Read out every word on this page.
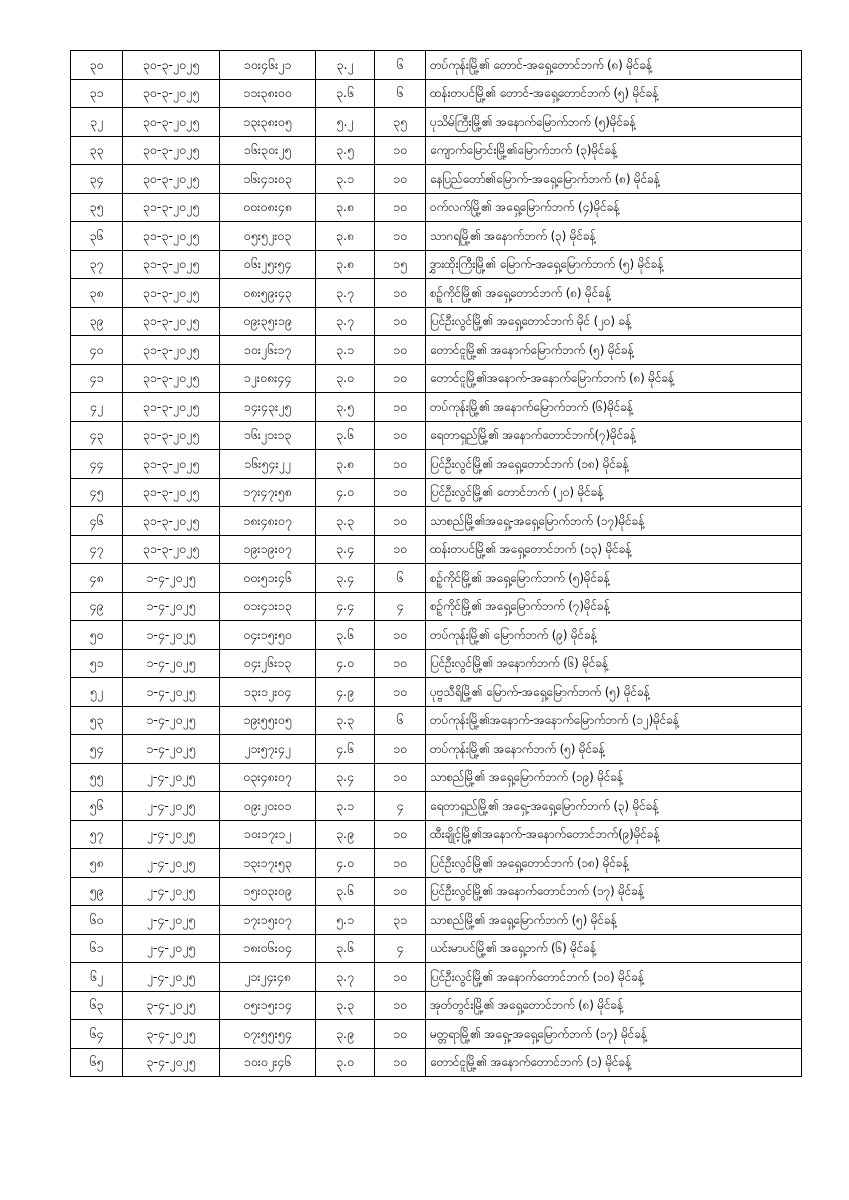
၃၀	၃၀-၃-၂၀၂၅	၁၀း၄၆း၂၁	၃.၂	၆	တပ်ကုန်းမြို့၏ တောင်-အရှေ့တောင်ဘက် (၈) မိုင်ခန့်
၃၁	၃၀-၃-၂၀၂၅	၁၁း၃၈း၀၀	၃.၆	၆	ထန်းတပင်မြို့၏ တောင်-အရှေ့တောင်ဘက် (၅) မိုင်ခန့်
၃၂	၃၀-၃-၂၀၂၅	၁၃း၃၈း၀၅	၅.၂	၃၅	ပုသိမ်ကြီးမြို့၏ အနောက်မြောက်ဘက် (၅)မိုင်ခန့်
၃၃	၃၀-၃-၂၀၂၅	၁၆း၃၀း၂၅	၃.၅	၁၀	ကျောက်မြောင်းမြို့၏မြောက်ဘက် (၃)မိုင်ခန့်
၃၄	၃၀-၃-၂၀၂၅	၁၆း၄၁း၀၃	၃.၁	၁၀	နေပြည်တော်၏မြောက်-အရှေ့မြောက်ဘက် (၈) မိုင်ခန့်
၃၅	၃၁-၃-၂၀၂၅	၀၀း၀၈း၄၈	၃.၈	၁၀	ဝက်လက်မြို့၏ အရှေ့မြောက်ဘက် (၄)မိုင်ခန့်
၃၆	၃၁-၃-၂၀၂၅	၀၅း၅၂း၀၃	၃.၈	၁၀	သာဂရမြို့၏ အနောက်ဘက် (၃) မိုင်ခန့်
၃၇	၃၁-၃-၂၀၂၅	၀၆း၂၅း၅၄	၃.၈	၁၅	ဒွှားထိုးကြီးမြို့၏ မြောက်-အရှေ့မြောက်ဘက် (၅) မိုင်ခန့်
၃၈	၃၁-၃-၂၀၂၅	၀၈း၅၉း၄၃	၃.၇	၁၀	စဥ့်ကိုင်မြို့၏ အရှေ့တောင်ဘက် (၈) မိုင်ခန့်
၃၉	၃၁-၃-၂၀၂၅	၀၉း၃၅း၁၉	၃.၇	၁၀	ပြင်ဦးလွင်မြို့၏ အရှေ့တောင်ဘက် မိုင် (၂၀) ခန့်
၄၀	၃၁-၃-၂၀၂၅	၁၀း၂၆း၁၇	၃.၁	၁၀	တောင်ငူမြို့၏ အနောက်မြောက်ဘက် (၅) မိုင်ခန့်
၄၁	၃၁-၃-၂၀၂၅	၁၂း၀၈း၄၄	၃.၀	၁၀	တောင်ငူမြို့၏အနောက်-အနောက်မြောက်ဘက် (၈) မိုင်ခန့်
၄၂	၃၁-၃-၂၀၂၅	၁၄း၄၃း၂၅	၃.၅	၁၀	တပ်ကုန်းမြို့၏ အနောက်မြောက်ဘက် (၆)မိုင်ခန့်
၄၃	၃၁-၃-၂၀၂၅	၁၆း၂၁း၁၃	၃.၆	၁၀	ရေတာရှည်မြို့၏ အနောက်တောင်ဘက်(၇)မိုင်ခန့်
၄၄	၃၁-၃-၂၀၂၅	၁၆း၅၄း၂၂	၃.၈	၁၀	ပြင်ဦးလွင်မြို့၏ အရှေ့တောင်ဘက် (၁၈) မိုင်ခန့်
၄၅	၃၁-၃-၂၀၂၅	၁၇း၄၇း၅၈	၄.၀	၁၀	ပြင်ဦးလွင်မြို့၏ တောင်ဘက် (၂၀) မိုင်ခန့်
၄၆	၃၁-၃-၂၀၂၅	၁၈း၄၈း၀၇	၃.၃	၁၀	သာစည်မြို့၏အရှေ့-အရှေ့မြောက်ဘက် (၁၇)မိုင်ခန့်
၄၇	၃၁-၃-၂၀၂၅	၁၉း၁၉း၀၇	၃.၄	၁၀	ထန်းတပင်မြို့၏ အရှေ့တောင်ဘက် (၁၃) မိုင်ခန့်
၄၈	၁-၄-၂၀၂၅	၀၀း၅၁း၄၆	၃.၄	၆	စဥ့်ကိုင်မြို့၏ အရှေ့မြောက်ဘက် (၅)မိုင်ခန့်
၄၉	၁-၄-၂၀၂၅	၀၁း၄၁း၁၃	၄.၄	၄	စဥ့်ကိုင်မြို့၏ အရှေ့မြောက်ဘက် (၇)မိုင်ခန့်
၅၀	၁-၄-၂၀၂၅	၀၄း၁၅း၅၀	၃.၆	၁၀	တပ်ကုန်းမြို့၏ မြောက်ဘက် (၉) မိုင်ခန့်
၅၁	၁-၄-၂၀၂၅	၀၄း၂၆း၁၃	၄.၀	၁၀	ပြင်ဦးလွင်မြို့၏ အနောက်ဘက် (၆) မိုင်ခန့်
၅၂	၁-၄-၂၀၂၅	၁၃း၁၂း၀၄	၄.၉	၁၀	ပုဗ္ဗသီရိမြို့၏ မြောက်-အရှေ့မြောက်ဘက် (၅) မိုင်ခန့်
၅၃	၁-၄-၂၀၂၅	၁၉း၅၅း၀၅	၃.၃	၆	တပ်ကုန်းမြို့၏အနောက်-အနောက်မြောက်ဘက် (၁၂)မိုင်ခန့်
၅၄	၁-၄-၂၀၂၅	၂၁း၅၇း၄၂	၄.၆	၁၀	တပ်ကုန်းမြို့၏ အနောက်ဘက် (၅) မိုင်ခန့်
၅၅	၂-၄-၂၀၂၅	၀၃း၄၈း၀၇	၃.၄	၁၀	သာစည်မြို့၏ အရှေ့မြောက်ဘက် (၁၉) မိုင်ခန့်
၅၆	၂-၄-၂၀၂၅	၀၉း၂၀း၀၁	၃.၁	၄	ရေတာရှည်မြို့၏ အရှေ့-အရှေ့မြောက်ဘက် (၃) မိုင်ခန့်
၅၇	၂-၄-၂၀၂၅	၁၀း၁၇း၁၂	၃.၉	၁၀	ထီးချိုင့်မြို့၏အနောက်-အနောက်တောင်ဘက်(၉)မိုင်ခန့်
၅၈	၂-၄-၂၀၂၅	၁၃း၁၇း၅၃	၄.၀	၁၀	ပြင်ဦးလွင်မြို့၏ အရှေ့တောင်ဘက် (၁၈) မိုင်ခန့်
၅၉	၂-၄-၂၀၂၅	၁၅း၀၃း၀၉	၃.၆	၁၀	ပြင်ဦးလွင်မြို့၏ အနောက်တောင်ဘက် (၁၇) မိုင်ခန့်
၆၀	၂-၄-၂၀၂၅	၁၇း၁၅း၀၇	၅.၁	၃၁	သာစည်မြို့၏ အရှေ့မြောက်ဘက် (၅) မိုင်ခန့်
၆၁	၂-၄-၂၀၂၅	၁၈း၀၆း၀၄	၃.၆	၄	ယင်းမာပင်မြို့၏ အရှေ့ဘက် (၆) မိုင်ခန့်
၆၂	၂-၄-၂၀၂၅	၂၁း၂၄း၄၈	၃.၇	၁၀	ပြင်ဦးလွင်မြို့၏ အနောက်တောင်ဘက် (၁၀) မိုင်ခန့်
၆၃	၃-၄-၂၀၂၅	၀၅း၁၅း၁၄	၃.၃	၁၀	အုတ်တွင်းမြို့၏ အရှေ့တောင်ဘက် (၈) မိုင်ခန့်
၆၄	၃-၄-၂၀၂၅	၀၇း၅၅း၅၄	၃.၉	၁၀	မတ္တရာမြို့၏ အရှေ့-အရှေ့မြောက်ဘက် (၁၇) မိုင်ခန့်
၆၅	၃-၄-၂၀၂၅	၁၀း၀၂း၄၆	၃.၀	၁၀	တောင်ငူမြို့၏ အနောက်တောင်ဘက် (၁) မိုင်ခန့်
